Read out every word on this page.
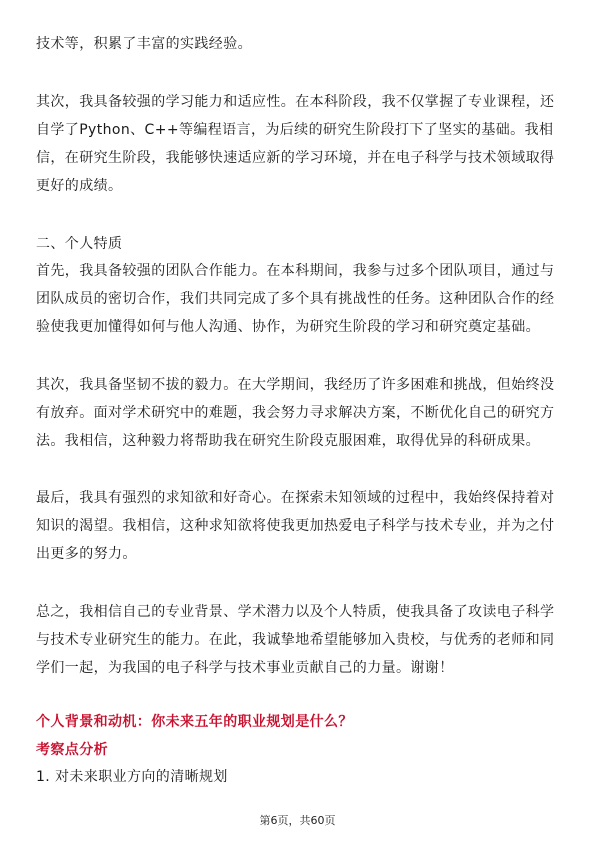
技术等，积累了丰富的实践经验。
其次，我具备较强的学习能力和适应性。在本科阶段，我不仅掌握了专业课程，还
自学了Python、C++等编程语言，为后续的研究生阶段打下了坚实的基础。我相
信，在研究生阶段，我能够快速适应新的学习环境，并在电子科学与技术领域取得
更好的成绩。
二、个人特质
首先，我具备较强的团队合作能力。在本科期间，我参与过多个团队项目，通过与
团队成员的密切合作，我们共同完成了多个具有挑战性的任务。这种团队合作的经
验使我更加懂得如何与他人沟通、协作，为研究生阶段的学习和研究奠定基础。
其次，我具备坚韧不拔的毅力。在大学期间，我经历了许多困难和挑战，但始终没
有放弃。面对学术研究中的难题，我会努力寻求解决方案，不断优化自己的研究方
法。我相信，这种毅力将帮助我在研究生阶段克服困难，取得优异的科研成果。
最后，我具有强烈的求知欲和好奇心。在探索未知领域的过程中，我始终保持着对
知识的渴望。我相信，这种求知欲将使我更加热爱电子科学与技术专业，并为之付
出更多的努力。
总之，我相信自己的专业背景、学术潜力以及个人特质，使我具备了攻读电子科学
与技术专业研究生的能力。在此，我诚挚地希望能够加入贵校，与优秀的老师和同
学们一起，为我国的电子科学与技术事业贡献自己的力量。谢谢！
个人背景和动机：你未来五年的职业规划是什么？
考察点分析
1. 对未来职业方向的清晰规划
第6页，共60页
